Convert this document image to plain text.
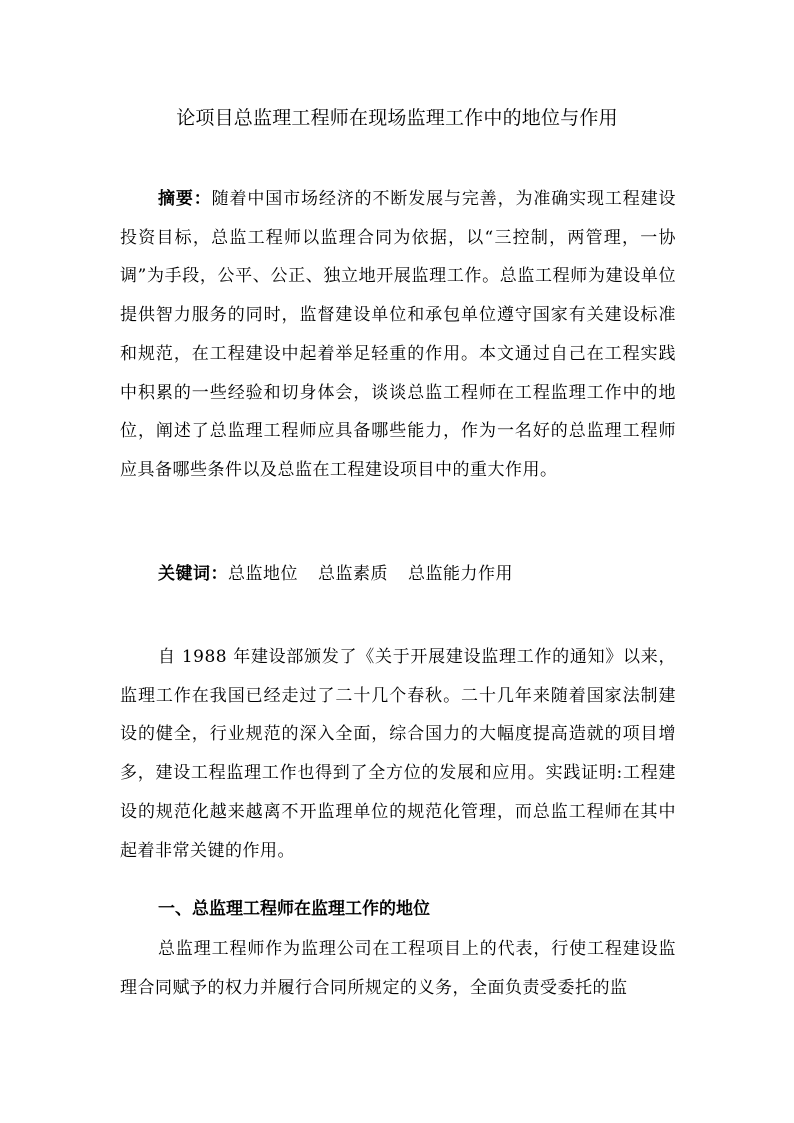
论项目总监理工程师在现场监理工作中的地位与作用

摘要：随着中国市场经济的不断发展与完善，为准确实现工程建设投资目标，总监工程师以监理合同为依据，以“三控制，两管理，一协调”为手段，公平、公正、独立地开展监理工作。总监工程师为建设单位提供智力服务的同时，监督建设单位和承包单位遵守国家有关建设标准和规范，在工程建设中起着举足轻重的作用。本文通过自己在工程实践中积累的一些经验和切身体会，谈谈总监工程师在工程监理工作中的地位，阐述了总监理工程师应具备哪些能力，作为一名好的总监理工程师应具备哪些条件以及总监在工程建设项目中的重大作用。

关键词：总监地位 总监素质 总监能力作用

自 1988 年建设部颁发了《关于开展建设监理工作的通知》以来，监理工作在我国已经走过了二十几个春秋。二十几年来随着国家法制建设的健全，行业规范的深入全面，综合国力的大幅度提高造就的项目增多，建设工程监理工作也得到了全方位的发展和应用。实践证明:工程建设的规范化越来越离不开监理单位的规范化管理，而总监工程师在其中起着非常关键的作用。

一、总监理工程师在监理工作的地位

总监理工程师作为监理公司在工程项目上的代表，行使工程建设监理合同赋予的权力并履行合同所规定的义务，全面负责受委托的监
